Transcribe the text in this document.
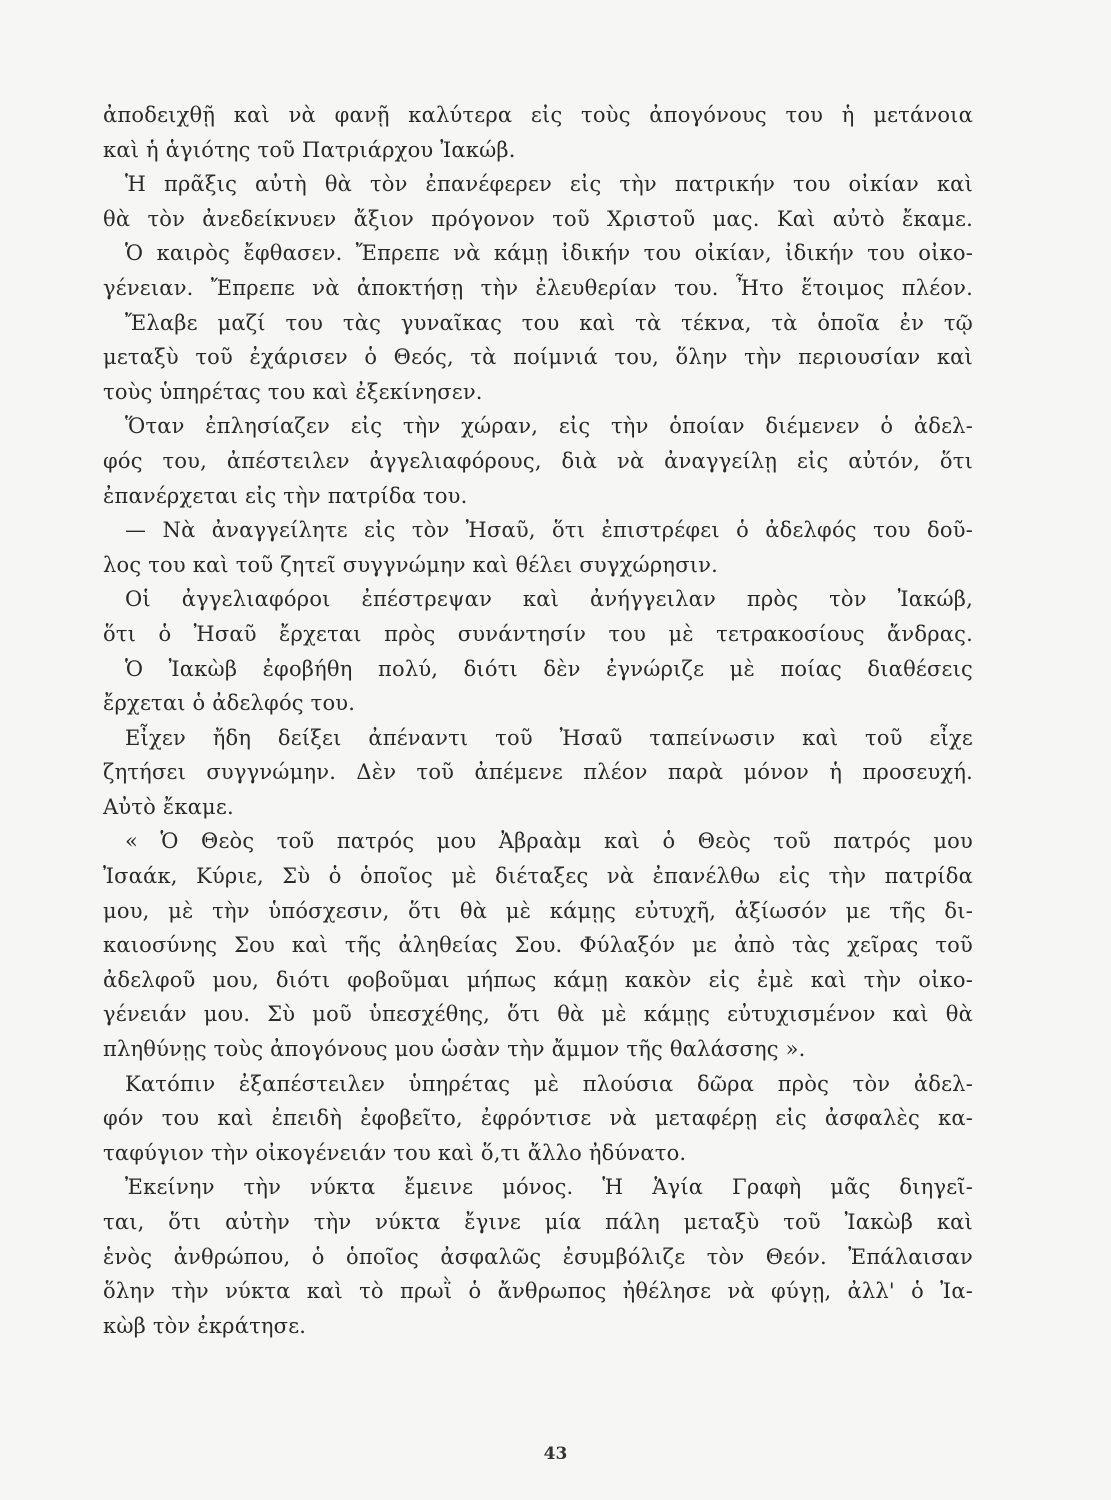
ἀποδειχθῇ καὶ νὰ φανῇ καλύτερα εἰς τοὺς ἀπογόνους του ἡ μετάνοια
καὶ ἡ ἁγιότης τοῦ Πατριάρχου Ἰακώβ.
Ἡ πρᾶξις αὐτὴ θὰ τὸν ἐπανέφερεν εἰς τὴν πατρικήν του οἰκίαν καὶ
θὰ τὸν ἀνεδείκνυεν ἄξιον πρόγονον τοῦ Χριστοῦ μας. Καὶ αὐτὸ ἔκαμε.
Ὁ καιρὸς ἔφθασεν. Ἔπρεπε νὰ κάμῃ ἰδικήν του οἰκίαν, ἰδικήν του οἰκο-
γένειαν. Ἔπρεπε νὰ ἀποκτήσῃ τὴν ἐλευθερίαν του. Ἦτο ἕτοιμος πλέον.
Ἔλαβε μαζί του τὰς γυναῖκας του καὶ τὰ τέκνα, τὰ ὁποῖα ἐν τῷ
μεταξὺ τοῦ ἐχάρισεν ὁ Θεός, τὰ ποίμνιά του, ὅλην τὴν περιουσίαν καὶ
τοὺς ὑπηρέτας του καὶ ἐξεκίνησεν.
Ὅταν ἐπλησίαζεν εἰς τὴν χώραν, εἰς τὴν ὁποίαν διέμενεν ὁ ἀδελ-
φός του, ἀπέστειλεν ἀγγελιαφόρους, διὰ νὰ ἀναγγείλῃ εἰς αὐτόν, ὅτι
ἐπανέρχεται εἰς τὴν πατρίδα του.
— Νὰ ἀναγγείλητε εἰς τὸν Ἠσαῦ, ὅτι ἐπιστρέφει ὁ ἀδελφός του δοῦ-
λος του καὶ τοῦ ζητεῖ συγγνώμην καὶ θέλει συγχώρησιν.
Οἱ ἀγγελιαφόροι ἐπέστρεψαν καὶ ἀνήγγειλαν πρὸς τὸν Ἰακώβ,
ὅτι ὁ Ἠσαῦ ἔρχεται πρὸς συνάντησίν του μὲ τετρακοσίους ἄνδρας.
Ὁ Ἰακὼβ ἐφοβήθη πολύ, διότι δὲν ἐγνώριζε μὲ ποίας διαθέσεις
ἔρχεται ὁ ἀδελφός του.
Εἶχεν ἤδη δείξει ἀπέναντι τοῦ Ἠσαῦ ταπείνωσιν καὶ τοῦ εἶχε
ζητήσει συγγνώμην. Δὲν τοῦ ἀπέμενε πλέον παρὰ μόνον ἡ προσευχή.
Αὐτὸ ἔκαμε.
« Ὁ Θεὸς τοῦ πατρός μου Ἀβραὰμ καὶ ὁ Θεὸς τοῦ πατρός μου
Ἰσαάκ, Κύριε, Σὺ ὁ ὁποῖος μὲ διέταξες νὰ ἐπανέλθω εἰς τὴν πατρίδα
μου, μὲ τὴν ὑπόσχεσιν, ὅτι θὰ μὲ κάμῃς εὐτυχῆ, ἀξίωσόν με τῆς δι-
καιοσύνης Σου καὶ τῆς ἀληθείας Σου. Φύλαξόν με ἀπὸ τὰς χεῖρας τοῦ
ἀδελφοῦ μου, διότι φοβοῦμαι μήπως κάμῃ κακὸν εἰς ἐμὲ καὶ τὴν οἰκο-
γένειάν μου. Σὺ μοῦ ὑπεσχέθης, ὅτι θὰ μὲ κάμῃς εὐτυχισμένον καὶ θὰ
πληθύνῃς τοὺς ἀπογόνους μου ὡσὰν τὴν ἄμμον τῆς θαλάσσης ».
Κατόπιν ἐξαπέστειλεν ὑπηρέτας μὲ πλούσια δῶρα πρὸς τὸν ἀδελ-
φόν του καὶ ἐπειδὴ ἐφοβεῖτο, ἐφρόντισε νὰ μεταφέρῃ εἰς ἀσφαλὲς κα-
ταφύγιον τὴν οἰκογένειάν του καὶ ὅ,τι ἄλλο ἠδύνατο.
Ἐκείνην τὴν νύκτα ἔμεινε μόνος. Ἡ Ἁγία Γραφὴ μᾶς διηγεῖ-
ται, ὅτι αὐτὴν τὴν νύκτα ἔγινε μία πάλη μεταξὺ τοῦ Ἰακὼβ καὶ
ἑνὸς ἀνθρώπου, ὁ ὁποῖος ἀσφαλῶς ἐσυμβόλιζε τὸν Θεόν. Ἐπάλαισαν
ὅλην τὴν νύκτα καὶ τὸ πρωῒ ὁ ἄνθρωπος ἠθέλησε νὰ φύγῃ, ἀλλ' ὁ Ἰα-
κὼβ τὸν ἐκράτησε.
43
